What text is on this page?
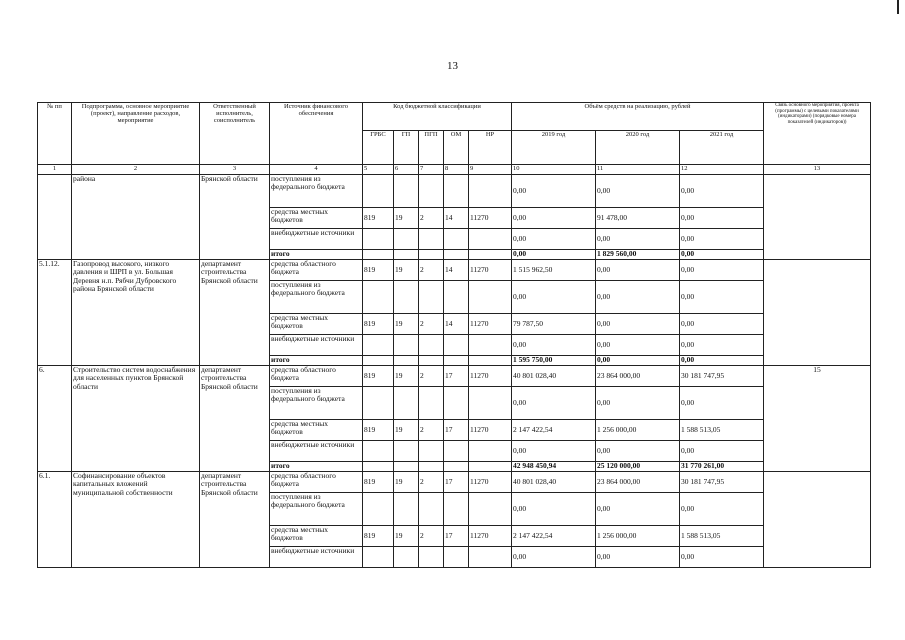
13
№ пп	Подпрограмма, основное мероприятие (проект), направление расходов, мероприятие	Ответственный исполнитель, соисполнитель	Источник финансового обеспечения	Код бюджетной классификации					Объём средств на реализацию, рублей			Связь основного мероприятия, проекта (программы) с целевыми показателями (индикаторами) (порядковые номера показателей (индикаторов))
				ГРБС	ГП	ПГП	ОМ	НР	2019 год	2020 год	2021 год	
1	2	3	4	5	6	7	8	9	10	11	12	13
	района	Брянской области	поступления из федерального бюджета						0,00	0,00	0,00	
			средства местных бюджетов	819	19	2	14	11270	0,00	91 478,00	0,00	
			внебюджетные источники						0,00	0,00	0,00	
			итого						0,00	1 829 560,00	0,00	
5.1.12.	Газопровод высокого, низкого давления и ШРП в ул. Большая Деревня н.п. Рябчи Дубровского района Брянской области	департамент строительства Брянской области	средства областного бюджета	819	19	2	14	11270	1 515 962,50	0,00	0,00	
			поступления из федерального бюджета						0,00	0,00	0,00	
			средства местных бюджетов	819	19	2	14	11270	79 787,50	0,00	0,00	
			внебюджетные источники						0,00	0,00	0,00	
			итого						1 595 750,00	0,00	0,00	
6.	Строительство систем водоснабжения для населенных пунктов Брянской области	департамент строительства Брянской области	средства областного бюджета	819	19	2	17	11270	40 801 028,40	23 864 000,00	30 181 747,95	15
			поступления из федерального бюджета						0,00	0,00	0,00	
			средства местных бюджетов	819	19	2	17	11270	2 147 422,54	1 256 000,00	1 588 513,05	
			внебюджетные источники						0,00	0,00	0,00	
			итого						42 948 450,94	25 120 000,00	31 770 261,00	
6.1.	Софинансирование объектов капитальных вложений муниципальной собственности	департамент строительства Брянской области	средства областного бюджета	819	19	2	17	11270	40 801 028,40	23 864 000,00	30 181 747,95	
			поступления из федерального бюджета						0,00	0,00	0,00	
			средства местных бюджетов	819	19	2	17	11270	2 147 422,54	1 256 000,00	1 588 513,05	
			внебюджетные источники						0,00	0,00	0,00	
